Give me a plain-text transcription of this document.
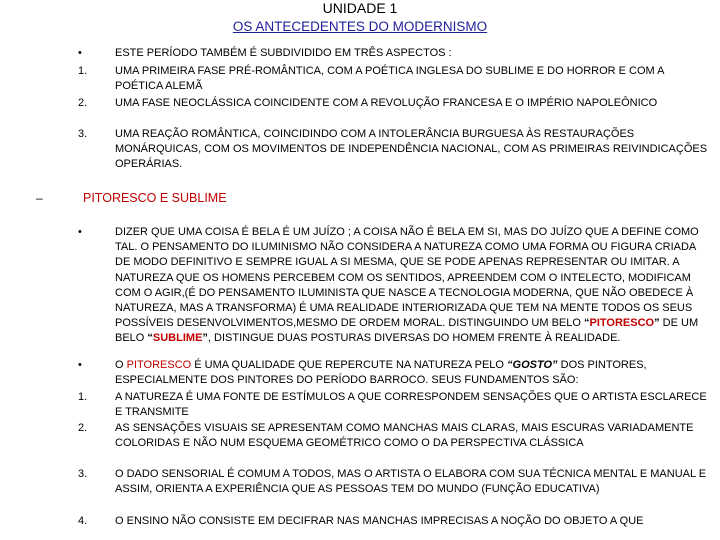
UNIDADE 1
OS ANTECEDENTES DO MODERNISMO
•	ESTE PERÍODO TAMBÉM É SUBDIVIDIDO EM TRÊS ASPECTOS :
1.	UMA PRIMEIRA FASE PRÉ-ROMÂNTICA, COM A POÉTICA INGLESA DO SUBLIME E DO HORROR E COM A POÉTICA ALEMÃ
2.	UMA FASE NEOCLÁSSICA COINCIDENTE COM A REVOLUÇÃO FRANCESA E O IMPÉRIO NAPOLEÔNICO
3.	UMA REAÇÃO ROMÂNTICA, COINCIDINDO COM A INTOLERÂNCIA BURGUESA ÀS RESTAURAÇÕES MONÁRQUICAS, COM OS MOVIMENTOS DE INDEPENDÊNCIA NACIONAL, COM AS PRIMEIRAS REIVINDICAÇÕES OPERÁRIAS.
–	PITORESCO E SUBLIME
•	DIZER QUE UMA COISA É BELA É UM JUÍZO ; A COISA NÃO É BELA EM SI, MAS DO JUÍZO QUE A DEFINE COMO TAL. O PENSAMENTO DO ILUMINISMO NÃO CONSIDERA A NATUREZA COMO UMA FORMA OU FIGURA CRIADA DE MODO DEFINITIVO E SEMPRE IGUAL A SI MESMA, QUE SE PODE APENAS REPRESENTAR OU IMITAR. A NATUREZA QUE OS HOMENS PERCEBEM COM OS SENTIDOS, APREENDEM COM O INTELECTO, MODIFICAM COM O AGIR,(É DO PENSAMENTO ILUMINISTA QUE NASCE A TECNOLOGIA MODERNA, QUE NÃO OBEDECE À NATUREZA, MAS A TRANSFORMA) É UMA REALIDADE INTERIORIZADA QUE TEM NA MENTE TODOS OS SEUS POSSÍVEIS DESENVOLVIMENTOS,MESMO DE ORDEM MORAL. DISTINGUINDO UM BELO “PITORESCO” DE UM BELO “SUBLIME”, DISTINGUE DUAS POSTURAS DIVERSAS DO HOMEM FRENTE À REALIDADE.
•	O PITORESCO É UMA QUALIDADE QUE REPERCUTE NA NATUREZA PELO “GOSTO” DOS PINTORES, ESPECIALMENTE DOS PINTORES DO PERÍODO BARROCO. SEUS FUNDAMENTOS SÃO:
1.	A NATUREZA É UMA FONTE DE ESTÍMULOS A QUE CORRESPONDEM SENSAÇÕES QUE O ARTISTA ESCLARECE E TRANSMITE
2.	AS SENSAÇÕES VISUAIS SE APRESENTAM COMO MANCHAS MAIS CLARAS, MAIS ESCURAS VARIADAMENTE COLORIDAS E NÃO NUM ESQUEMA GEOMÉTRICO COMO O DA PERSPECTIVA CLÁSSICA
3.	O DADO SENSORIAL É COMUM A TODOS, MAS O ARTISTA O ELABORA COM SUA TÉCNICA MENTAL E MANUAL E ASSIM, ORIENTA A EXPERIÊNCIA QUE AS PESSOAS TEM DO MUNDO (FUNÇÃO EDUCATIVA)
4.	O ENSINO NÃO CONSISTE EM DECIFRAR NAS MANCHAS IMPRECISAS A NOÇÃO DO OBJETO A QUE
